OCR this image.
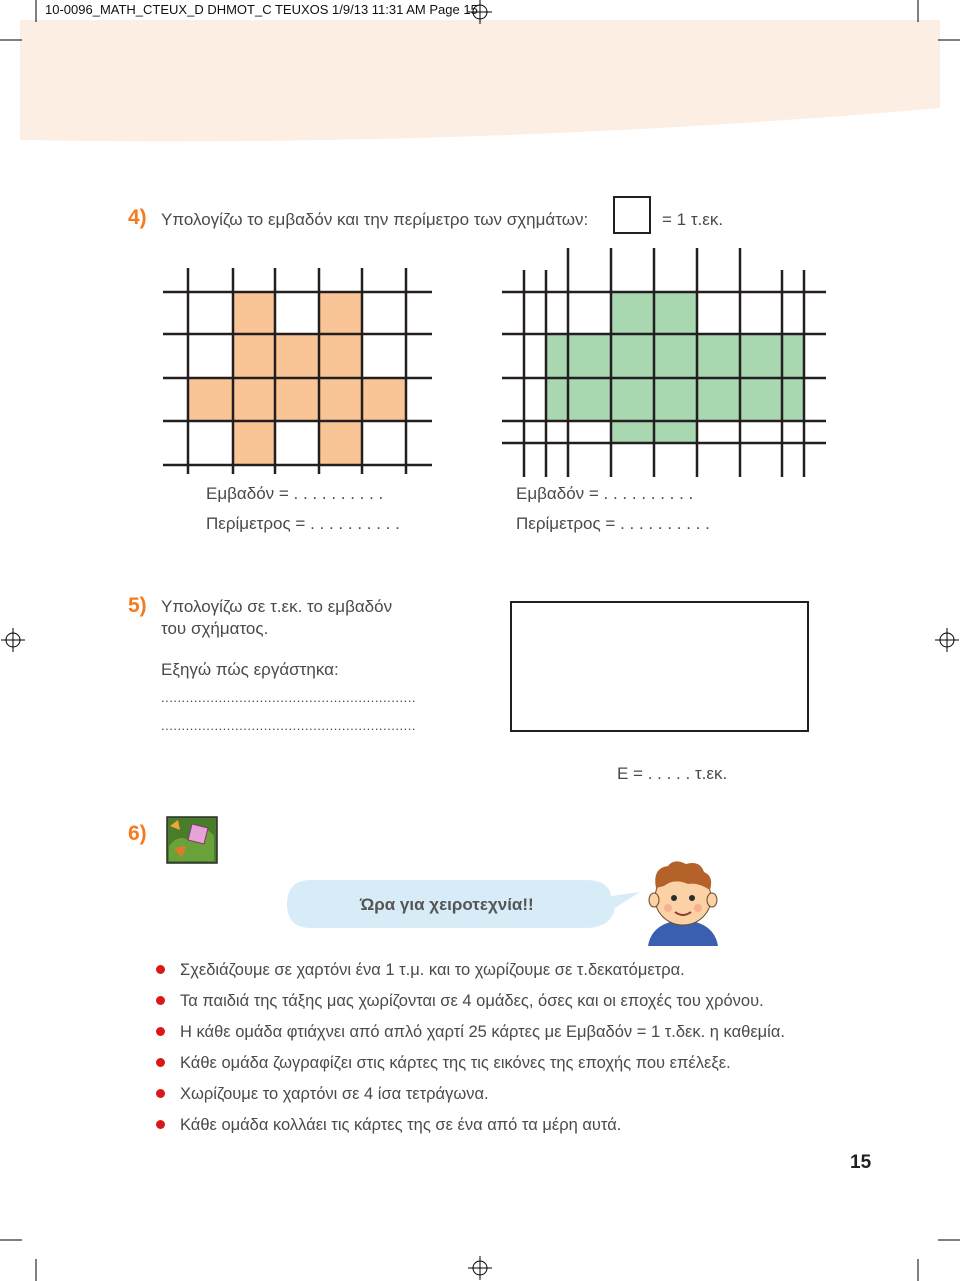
10-0096_MATH_CTEUX_D DHMOT_C TEUXOS 1/9/13 11:31 AM Page 15
4) Υπολογίζω το εμβαδόν και την περίμετρο των σχημάτων:	= 1 τ.εκ.
Εμβαδόν = . . . . . . . . . .
Περίμετρος = . . . . . . . . . .
Εμβαδόν = . . . . . . . . . .
Περίμετρος = . . . . . . . . . .
5) Υπολογίζω σε τ.εκ. το εμβαδόν
του σχήματος.
Εξηγώ πώς εργάστηκα:
..............................................................
..............................................................
Ε = . . . . . τ.εκ.
6)
Ώρα για χειροτεχνία!!
Σχεδιάζουμε σε χαρτόνι ένα 1 τ.μ. και το χωρίζουμε σε τ.δεκατόμετρα.
Τα παιδιά της τάξης μας χωρίζονται σε 4 ομάδες, όσες και οι εποχές του χρόνου.
Η κάθε ομάδα φτιάχνει από απλό χαρτί 25 κάρτες με Εμβαδόν = 1 τ.δεκ. η καθεμία.
Κάθε ομάδα ζωγραφίζει στις κάρτες της τις εικόνες της εποχής που επέλεξε.
Χωρίζουμε το χαρτόνι σε 4 ίσα τετράγωνα.
Κάθε ομάδα κολλάει τις κάρτες της σε ένα από τα μέρη αυτά.
15
